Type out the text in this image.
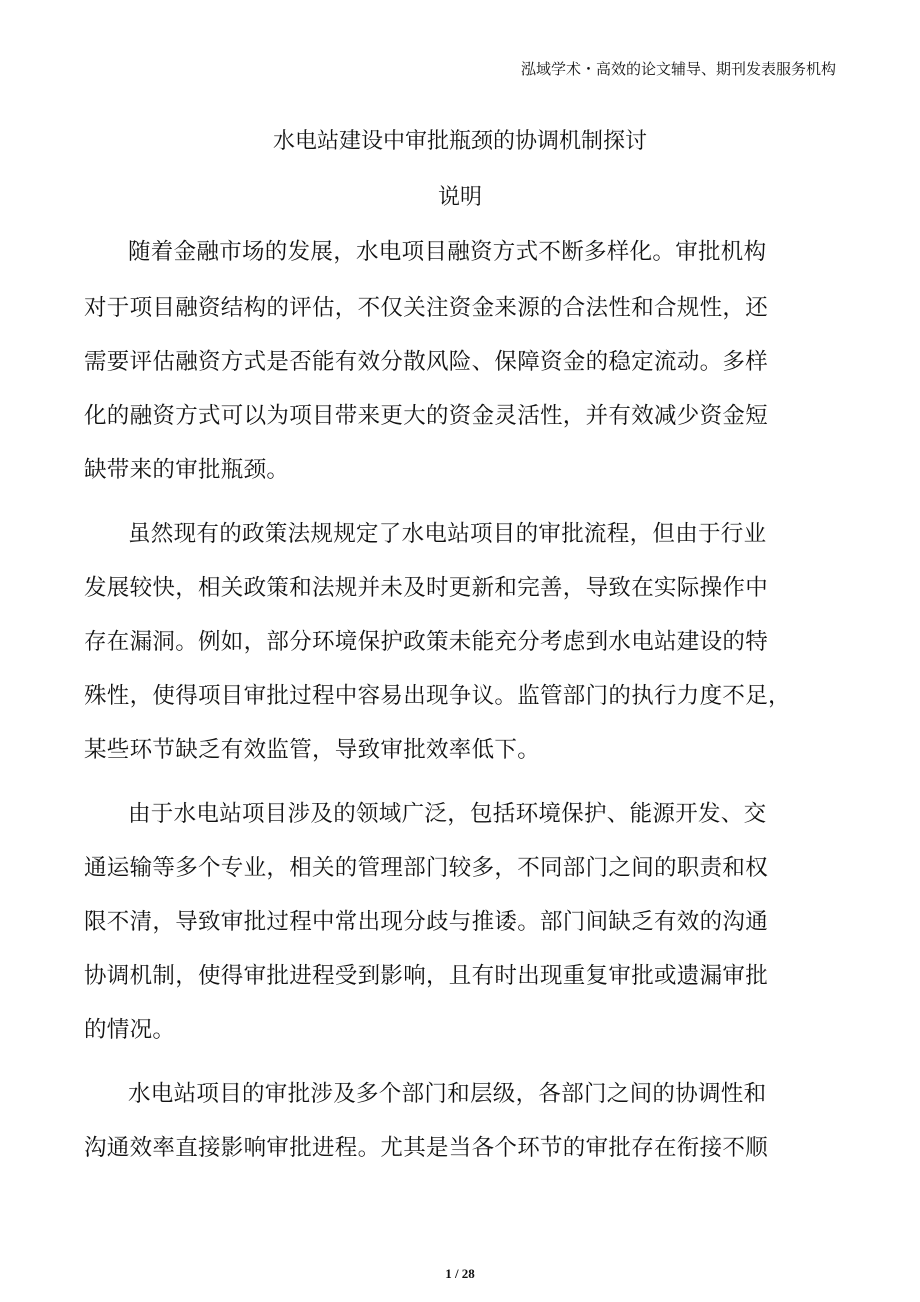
泓域学术・高效的论文辅导、期刊发表服务机构
水电站建设中审批瓶颈的协调机制探讨
说明
随着金融市场的发展，水电项目融资方式不断多样化。审批机构
对于项目融资结构的评估，不仅关注资金来源的合法性和合规性，还
需要评估融资方式是否能有效分散风险、保障资金的稳定流动。多样
化的融资方式可以为项目带来更大的资金灵活性，并有效减少资金短
缺带来的审批瓶颈。
虽然现有的政策法规规定了水电站项目的审批流程，但由于行业
发展较快，相关政策和法规并未及时更新和完善，导致在实际操作中
存在漏洞。例如，部分环境保护政策未能充分考虑到水电站建设的特
殊性，使得项目审批过程中容易出现争议。监管部门的执行力度不足，
某些环节缺乏有效监管，导致审批效率低下。
由于水电站项目涉及的领域广泛，包括环境保护、能源开发、交
通运输等多个专业，相关的管理部门较多，不同部门之间的职责和权
限不清，导致审批过程中常出现分歧与推诿。部门间缺乏有效的沟通
协调机制，使得审批进程受到影响，且有时出现重复审批或遗漏审批
的情况。
水电站项目的审批涉及多个部门和层级，各部门之间的协调性和
沟通效率直接影响审批进程。尤其是当各个环节的审批存在衔接不顺
1 / 28
